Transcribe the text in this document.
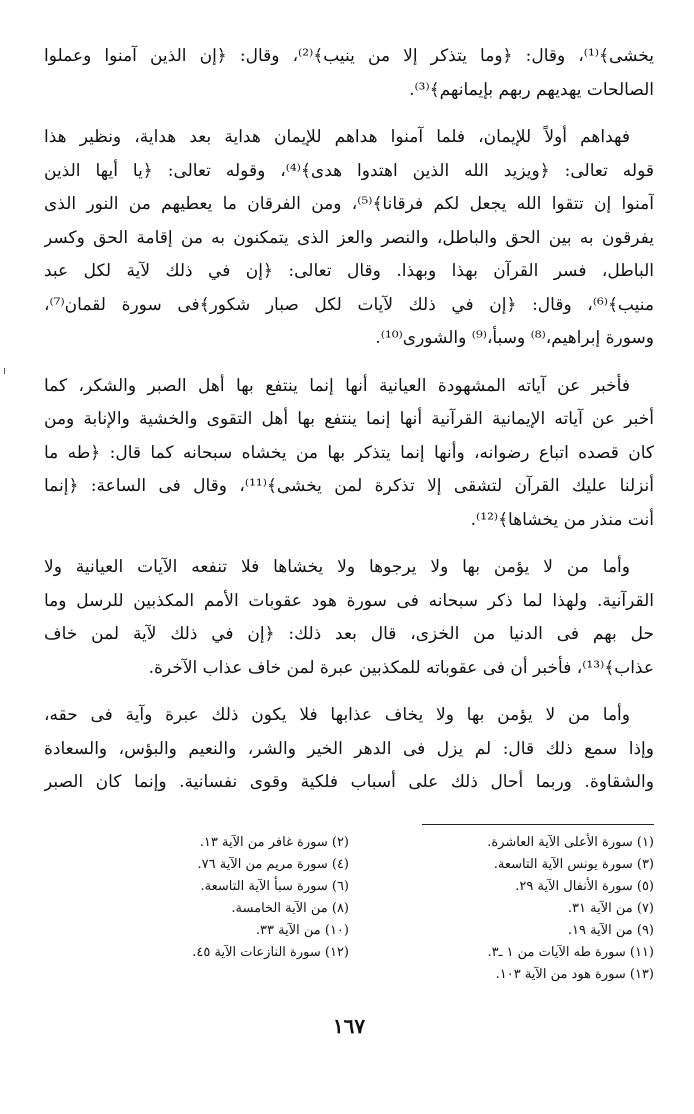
يخشى﴾⁽¹⁾، وقال: ﴿وما يتذكر إلا من ينيب﴾⁽²⁾، وقال: ﴿إن الذين آمنوا وعملوا
الصالحات يهديهم ربهم بإيمانهم﴾⁽³⁾.

فهداهم أولاً للإيمان، فلما آمنوا هداهم للإيمان هداية بعد هداية، ونظير هذا
قوله تعالى: ﴿ويزيد الله الذين اهتدوا هدى﴾⁽⁴⁾، وقوله تعالى: ﴿يا أيها الذين
آمنوا إن تتقوا الله يجعل لكم فرقانا﴾⁽⁵⁾، ومن الفرقان ما يعطيهم من النور الذى
يفرقون به بين الحق والباطل، والنصر والعز الذى يتمكنون به من إقامة الحق وكسر
الباطل، فسر القرآن بهذا وبهذا. وقال تعالى: ﴿إن في ذلك لآية لكل عبد
منيب﴾⁽⁶⁾، وقال: ﴿إن في ذلك لآيات لكل صبار شكور﴾فى سورة لقمان⁽⁷⁾،
وسورة إبراهيم،⁽⁸⁾ وسبأ،⁽⁹⁾ والشورى⁽¹⁰⁾.

فأخبر عن آياته المشهودة العيانية أنها إنما ينتفع بها أهل الصبر والشكر، كما
أخبر عن آياته الإيمانية القرآنية أنها إنما ينتفع بها أهل التقوى والخشية والإنابة ومن
كان قصده اتباع رضوانه، وأنها إنما يتذكر بها من يخشاه سبحانه كما قال: ﴿طه ما
أنزلنا عليك القرآن لتشقى إلا تذكرة لمن يخشى﴾⁽¹¹⁾، وقال فى الساعة: ﴿إنما
أنت منذر من يخشاها﴾⁽¹²⁾.

وأما من لا يؤمن بها ولا يرجوها ولا يخشاها فلا تنفعه الآيات العيانية ولا
القرآنية. ولهذا لما ذكر سبحانه فى سورة هود عقوبات الأمم المكذبين للرسل وما
حل بهم فى الدنيا من الخزى، قال بعد ذلك: ﴿إن في ذلك لآية لمن خاف
عذاب﴾⁽¹³⁾، فأخبر أن فى عقوباته للمكذبين عبرة لمن خاف عذاب الآخرة.

وأما من لا يؤمن بها ولا يخاف عذابها فلا يكون ذلك عبرة وآية فى حقه،
وإذا سمع ذلك قال: لم يزل فى الدهر الخير والشر، والنعيم والبؤس، والسعادة
والشقاوة. وربما أحال ذلك على أسباب فلكية وقوى نفسانية. وإنما كان الصبر

(١) سورة الأعلى الآية العاشرة.
(٣) سورة يونس الآية التاسعة.
(٥) سورة الأنفال الآية ٢٩.
(٧) من الآية ٣١.
(٩) من الآية ١٩.
(١١) سورة طه الآيات من ١ ـ٣.
(١٣) سورة هود من الآية ١٠٣.
(٢) سورة غافر من الآية ١٣.
(٤) سورة مريم من الآية ٧٦.
(٦) سورة سبأ الآية التاسعة.
(٨) من الآية الخامسة.
(١٠) من الآية ٣٣.
(١٢) سورة النازعات الآية ٤٥.
١٦٧
